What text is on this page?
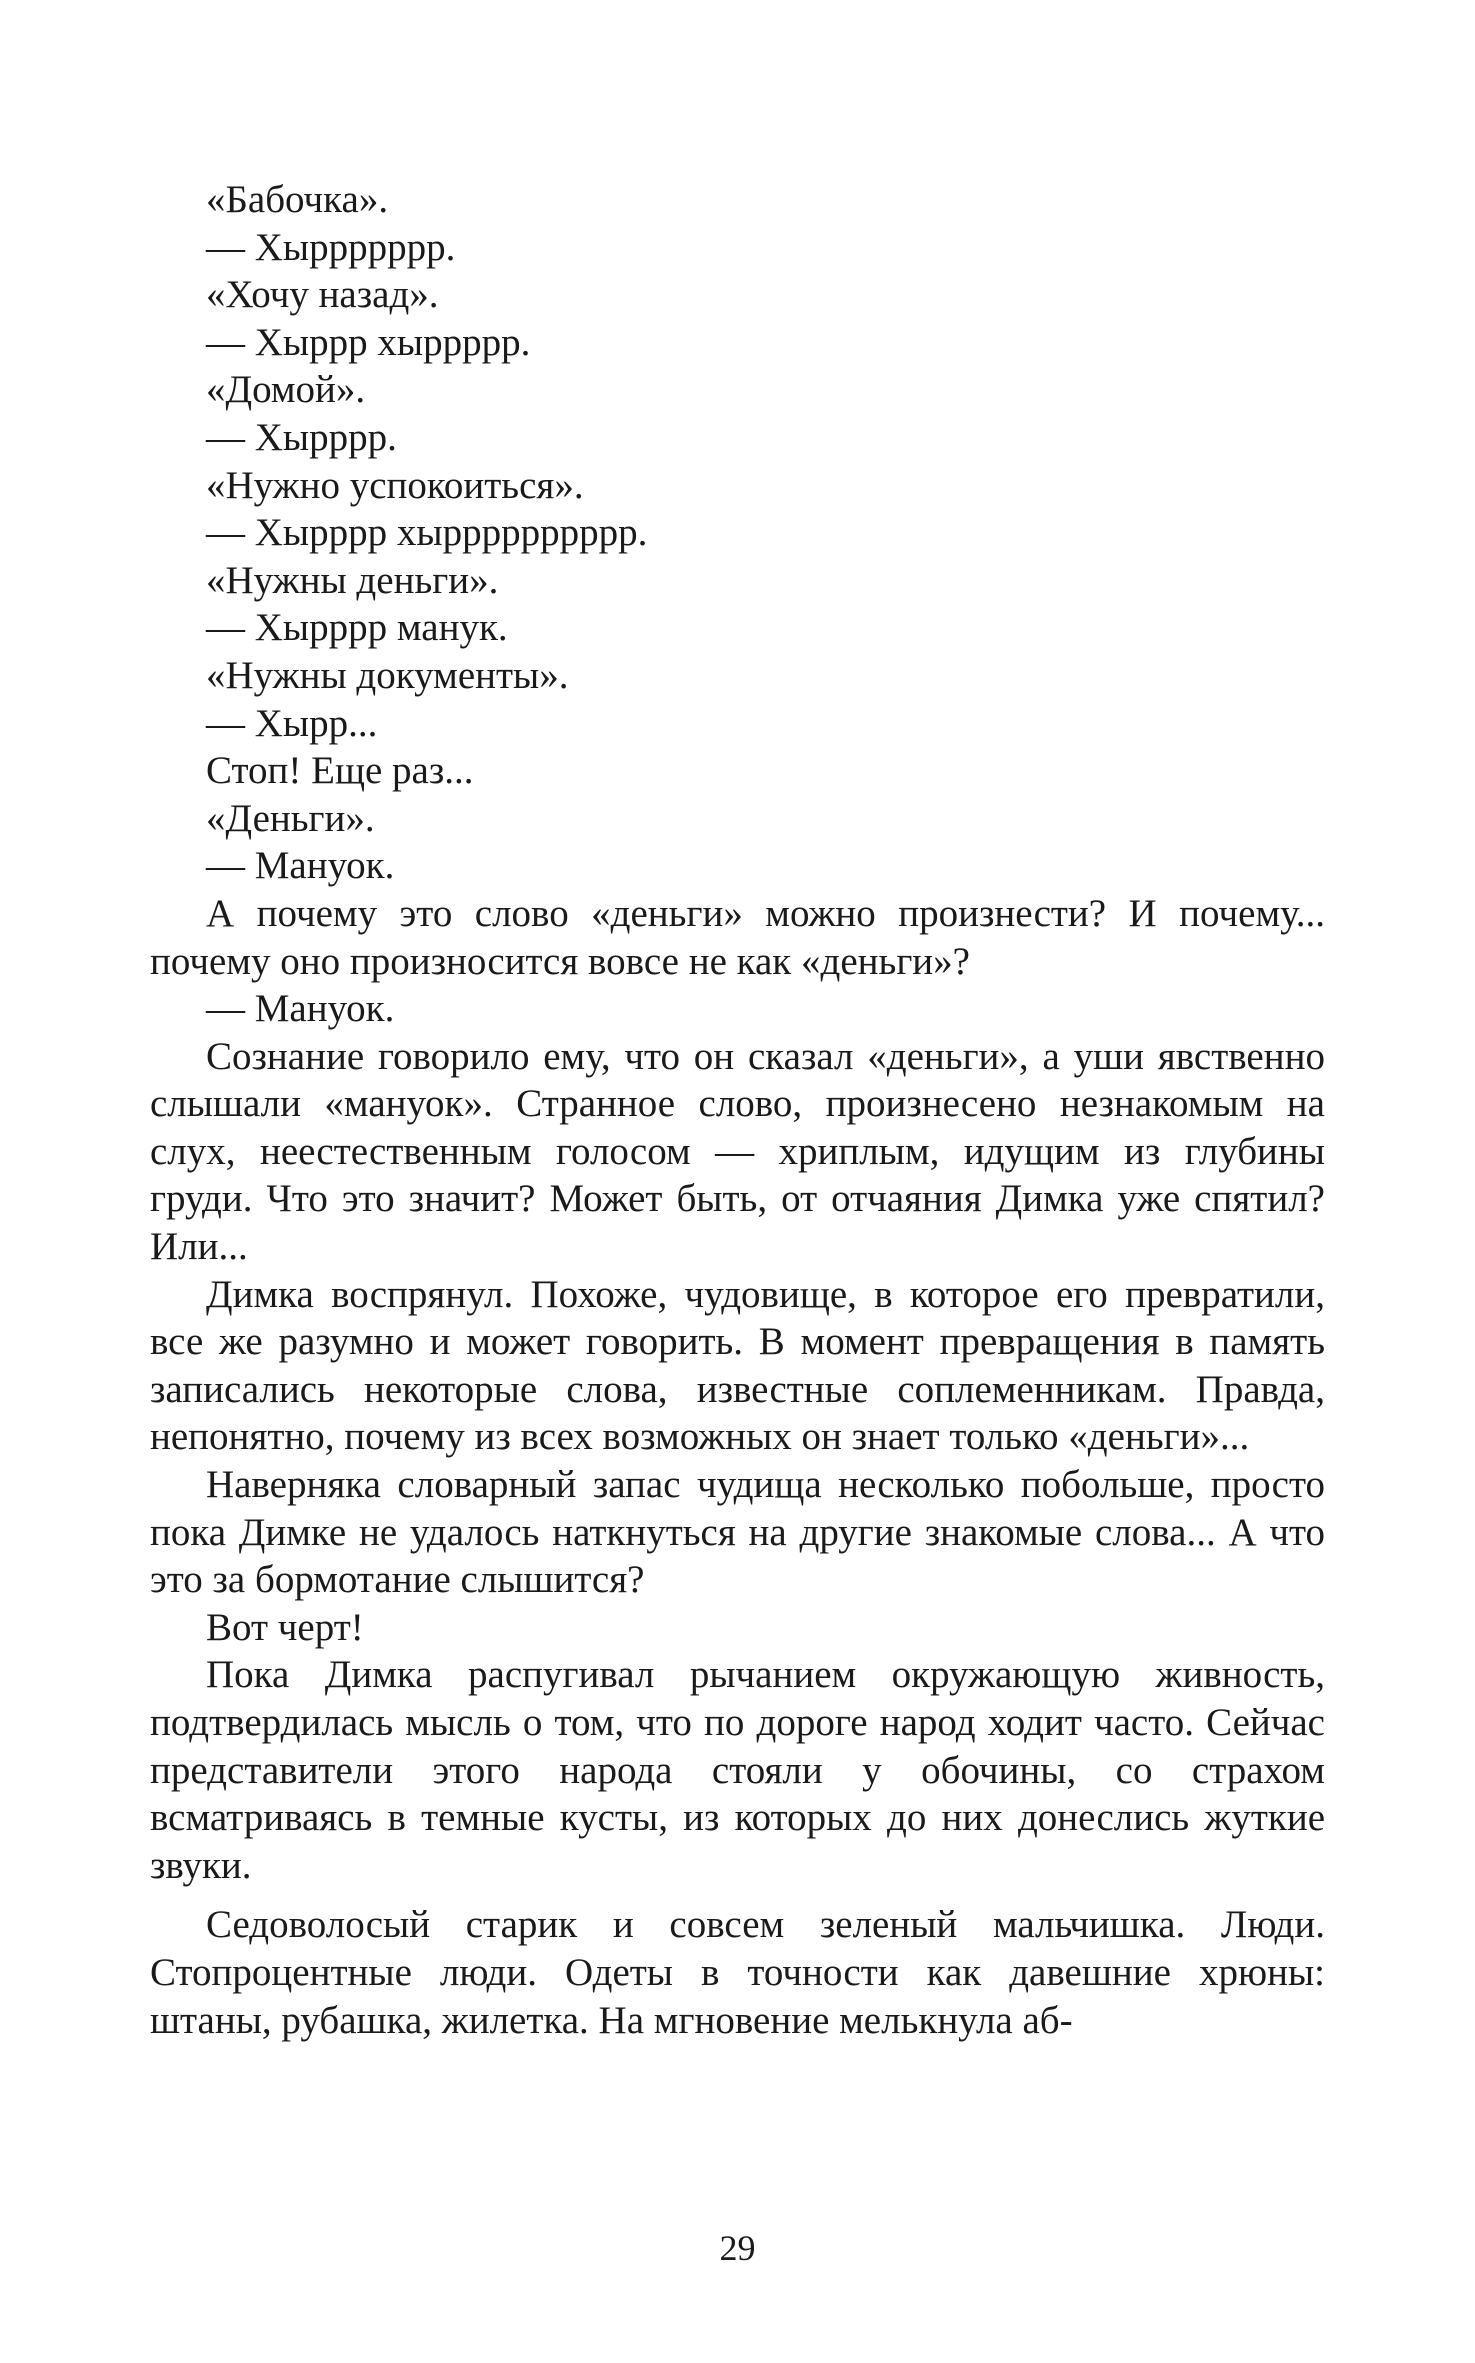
«Бабочка».

— Хыррррррр.

«Хочу назад».

— Хыррр хыррррр.

«Домой».

— Хырррр.

«Нужно успокоиться».

— Хырррр хырррррррррр.

«Нужны деньги».

— Хырррр манук.

«Нужны документы».

— Хырр...

Стоп! Еще раз...

«Деньги».

— Мануок.

А почему это слово «деньги» можно произнести? И почему... почему оно произносится вовсе не как «деньги»?

— Мануок.

Сознание говорило ему, что он сказал «деньги», а уши явственно слышали «мануок». Странное слово, произнесено незнакомым на слух, неестественным голосом — хриплым, идущим из глубины груди. Что это значит? Может быть, от отчаяния Димка уже спятил? Или...

Димка воспрянул. Похоже, чудовище, в которое его превратили, все же разумно и может говорить. В момент превращения в память записались некоторые слова, известные соплеменникам. Правда, непонятно, почему из всех возможных он знает только «деньги»...

Наверняка словарный запас чудища несколько побольше, просто пока Димке не удалось наткнуться на другие знакомые слова... А что это за бормотание слышится?

Вот черт!

Пока Димка распугивал рычанием окружающую живность, подтвердилась мысль о том, что по дороге народ ходит часто. Сейчас представители этого народа стояли у обочины, со страхом всматриваясь в темные кусты, из которых до них донеслись жуткие звуки.

Седоволосый старик и совсем зеленый мальчишка. Люди. Стопроцентные люди. Одеты в точности как давешние хрюны: штаны, рубашка, жилетка. На мгновение мелькнула аб-

29
